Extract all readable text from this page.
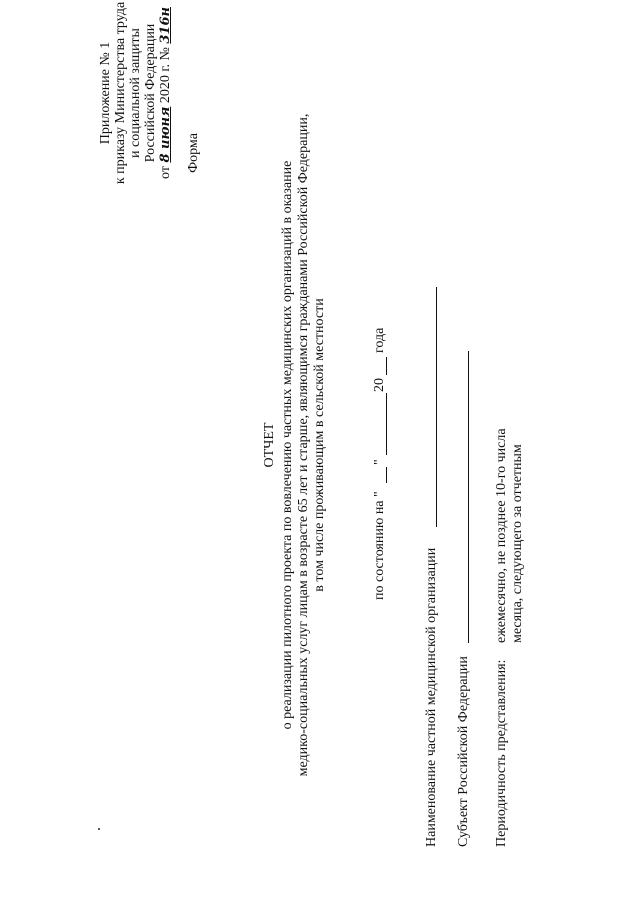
Приложение № 1 к приказу Министерства труда и социальной защиты Российской Федерации
от 8 июня 2020 г. № 316н
Форма
ОТЧЕТ о реализации пилотного проекта по вовлечению частных медицинских организаций в оказание медико-социальных услуг лицам в возрасте 65 лет и старше, являющимся гражданами Российской Федерации, в том числе проживающим в сельской местности	по состоянию на "
"
20
года
Наименование частной медицинской организации Субъект Российской Федерации Периодичность представления:
ежемесячно, не позднее 10-го числа месяца, следующего за отчетным
